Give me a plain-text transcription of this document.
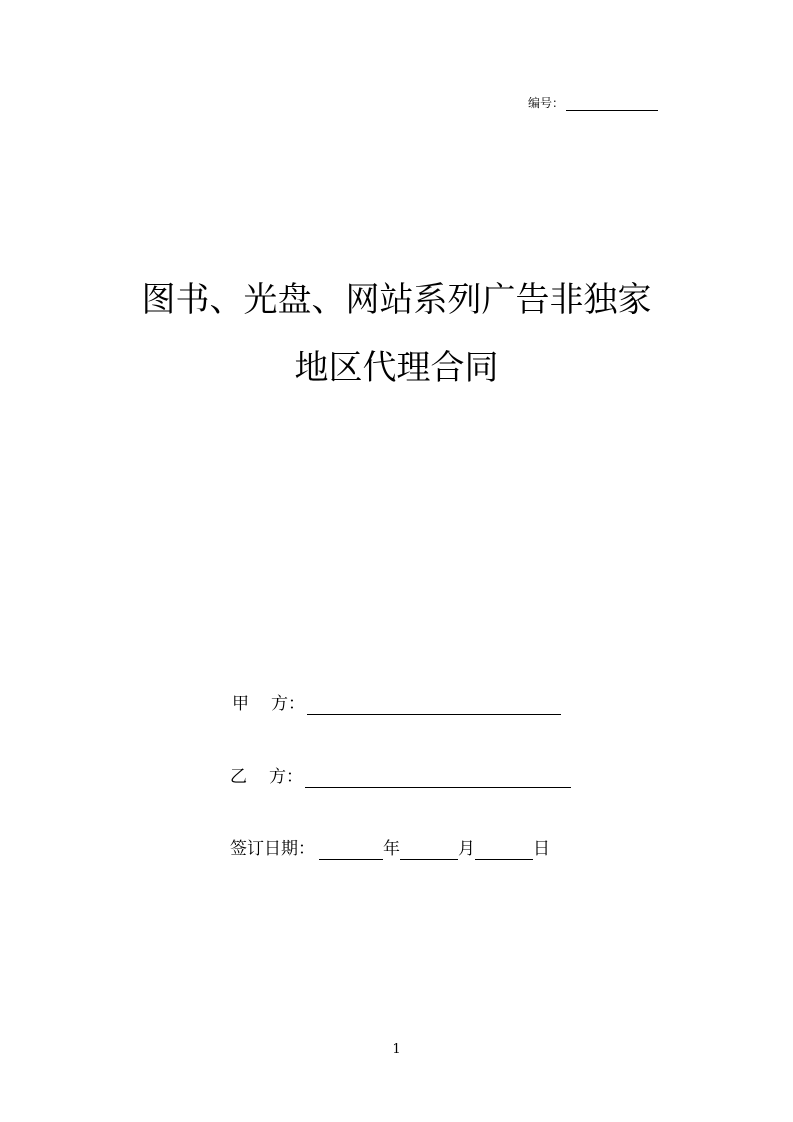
编号：
图书、光盘、网站系列广告非独家
地区代理合同
甲 方：
乙 方：
签订日期：	年	月	日
1
